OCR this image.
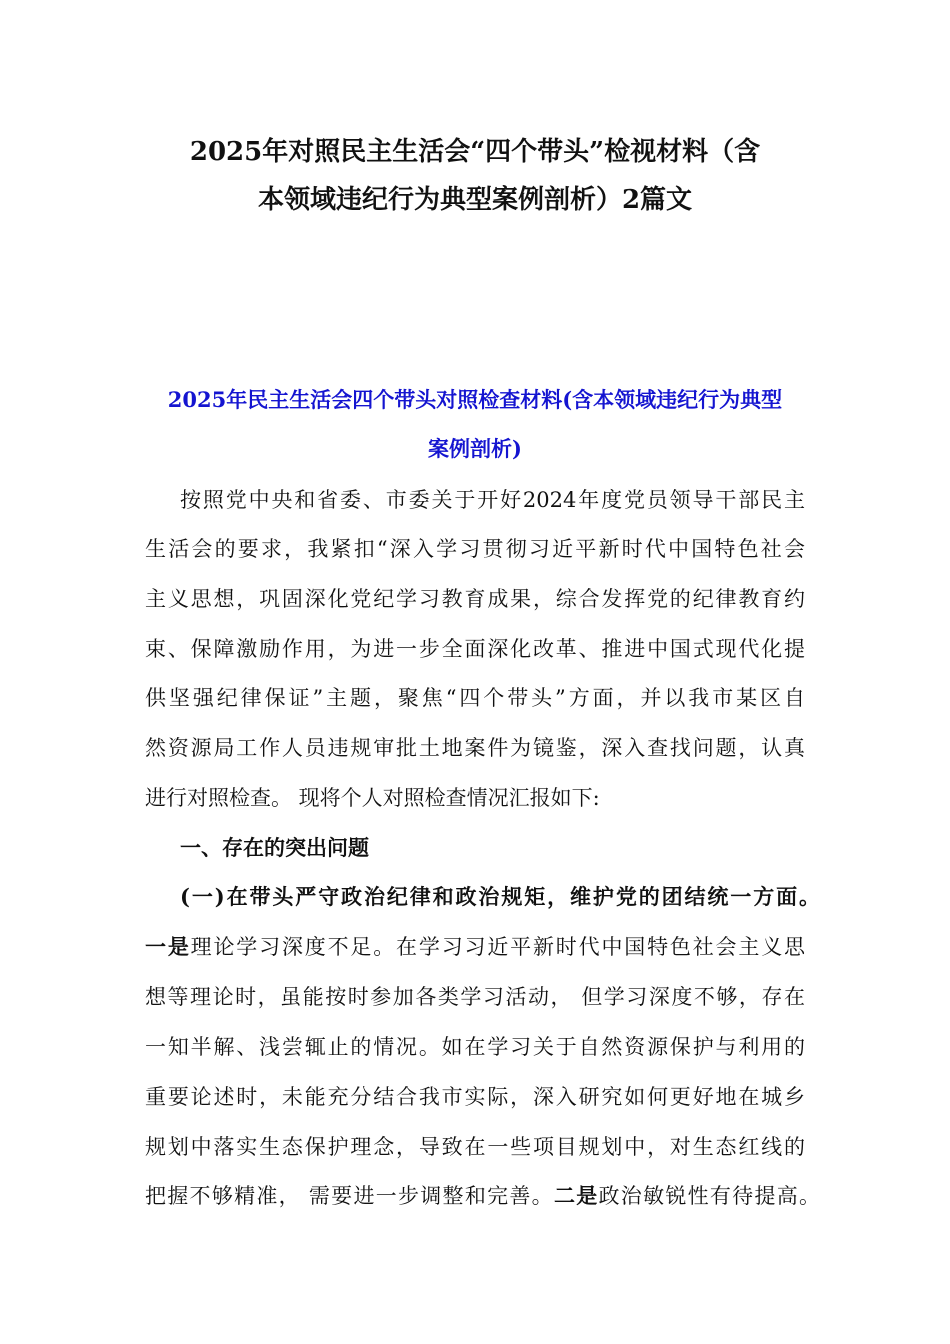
2025年对照民主生活会“四个带头”检视材料（含
本领域违纪行为典型案例剖析）2篇文
2025年民主生活会四个带头对照检查材料(含本领域违纪行为典型
案例剖析)
按照党中央和省委、市委关于开好2024年度党员领导干部民主
生活会的要求，我紧扣“深入学习贯彻习近平新时代中国特色社会
主义思想，巩固深化党纪学习教育成果，综合发挥党的纪律教育约
束、保障激励作用，为进一步全面深化改革、推进中国式现代化提
供坚强纪律保证”主题，聚焦“四个带头”方面，并以我市某区自
然资源局工作人员违规审批土地案件为镜鉴，深入查找问题，认真
进行对照检查。 现将个人对照检查情况汇报如下:
一、存在的突出问题
(一)在带头严守政治纪律和政治规矩，维护党的团结统一方面。
一是理论学习深度不足。在学习习近平新时代中国特色社会主义思
想等理论时，虽能按时参加各类学习活动， 但学习深度不够，存在
一知半解、浅尝辄止的情况。如在学习关于自然资源保护与利用的
重要论述时，未能充分结合我市实际，深入研究如何更好地在城乡
规划中落实生态保护理念，导致在一些项目规划中，对生态红线的
把握不够精准， 需要进一步调整和完善。二是政治敏锐性有待提高。
